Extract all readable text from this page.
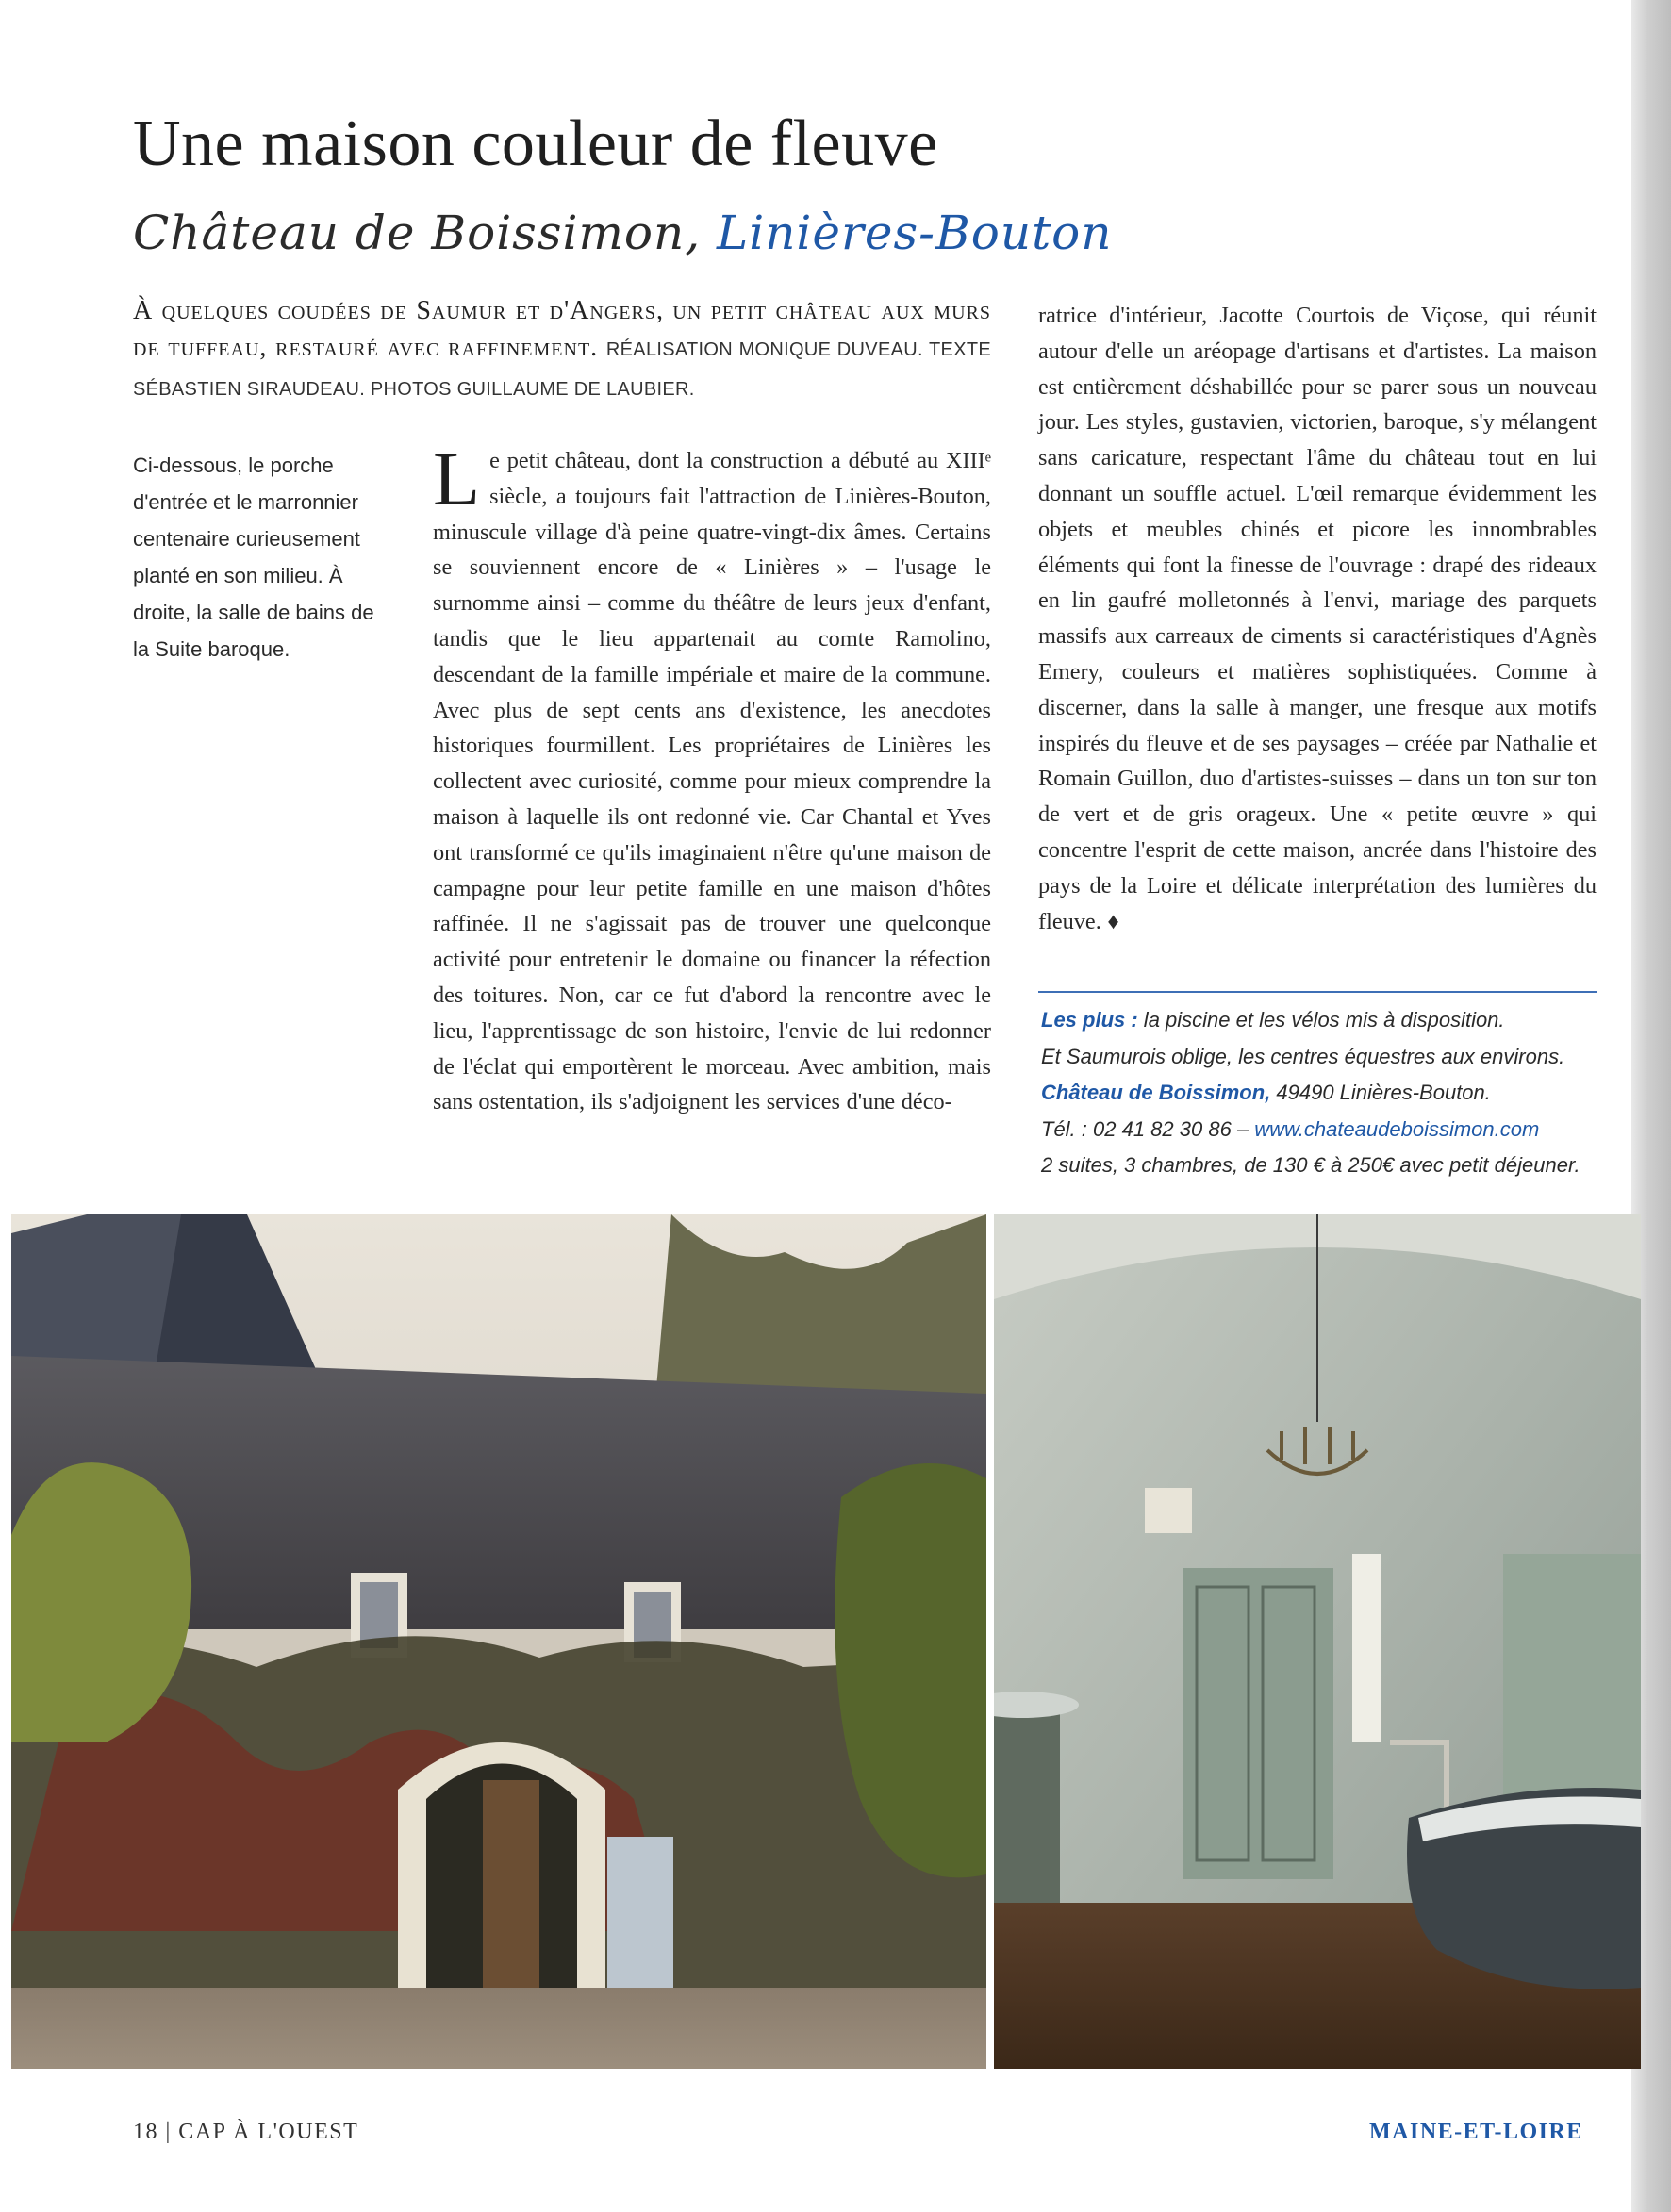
Une maison couleur de fleuve
Château de Boissimon, Linières-Bouton
À quelques coudées de Saumur et d'Angers, un petit château aux murs de tuffeau, restauré avec raffinement. RÉALISATION MONIQUE DUVEAU. TEXTE SÉBASTIEN SIRAUDEAU. PHOTOS GUILLAUME DE LAUBIER.
Ci-dessous, le porche d'entrée et le marronnier centenaire curieusement planté en son milieu. À droite, la salle de bains de la Suite baroque.
L e petit château, dont la construction a débuté au XIIIᵉ siècle, a toujours fait l'attraction de Linières-Bouton, minuscule village d'à peine quatre-vingt-dix âmes. Certains se souviennent encore de « Linières » – l'usage le surnomme ainsi – comme du théâtre de leurs jeux d'enfant, tandis que le lieu appartenait au comte Ramolino, descendant de la famille impériale et maire de la commune. Avec plus de sept cents ans d'existence, les anecdotes historiques fourmillent. Les propriétaires de Linières les collectent avec curiosité, comme pour mieux comprendre la maison à laquelle ils ont redonné vie. Car Chantal et Yves ont transformé ce qu'ils imaginaient n'être qu'une maison de campagne pour leur petite famille en une maison d'hôtes raffinée. Il ne s'agissait pas de trouver une quelconque activité pour entretenir le domaine ou financer la réfection des toitures. Non, car ce fut d'abord la rencontre avec le lieu, l'apprentissage de son histoire, l'envie de lui redonner de l'éclat qui emportèrent le morceau. Avec ambition, mais sans ostentation, ils s'adjoignent les services d'une déco-
ratrice d'intérieur, Jacotte Courtois de Viçose, qui réunit autour d'elle un aréopage d'artisans et d'artistes. La maison est entièrement déshabillée pour se parer sous un nouveau jour. Les styles, gustavien, victorien, baroque, s'y mélangent sans caricature, respectant l'âme du château tout en lui donnant un souffle actuel. L'œil remarque évidemment les objets et meubles chinés et picore les innombrables éléments qui font la finesse de l'ouvrage : drapé des rideaux en lin gaufré molletonnés à l'envi, mariage des parquets massifs aux carreaux de ciments si caractéristiques d'Agnès Emery, couleurs et matières sophistiquées. Comme à discerner, dans la salle à manger, une fresque aux motifs inspirés du fleuve et de ses paysages – créée par Nathalie et Romain Guillon, duo d'artistes-suisses – dans un ton sur ton de vert et de gris orageux. Une « petite œuvre » qui concentre l'esprit de cette maison, ancrée dans l'histoire des pays de la Loire et délicate interprétation des lumières du fleuve. ♦
Les plus : la piscine et les vélos mis à disposition.
Et Saumurois oblige, les centres équestres aux environs.
Château de Boissimon, 49490 Linières-Bouton.
Tél. : 02 41 82 30 86 – www.chateaudeboissimon.com
2 suites, 3 chambres, de 130 € à 250€ avec petit déjeuner.
18 | CAP À L'OUEST	MAINE-ET-LOIRE
